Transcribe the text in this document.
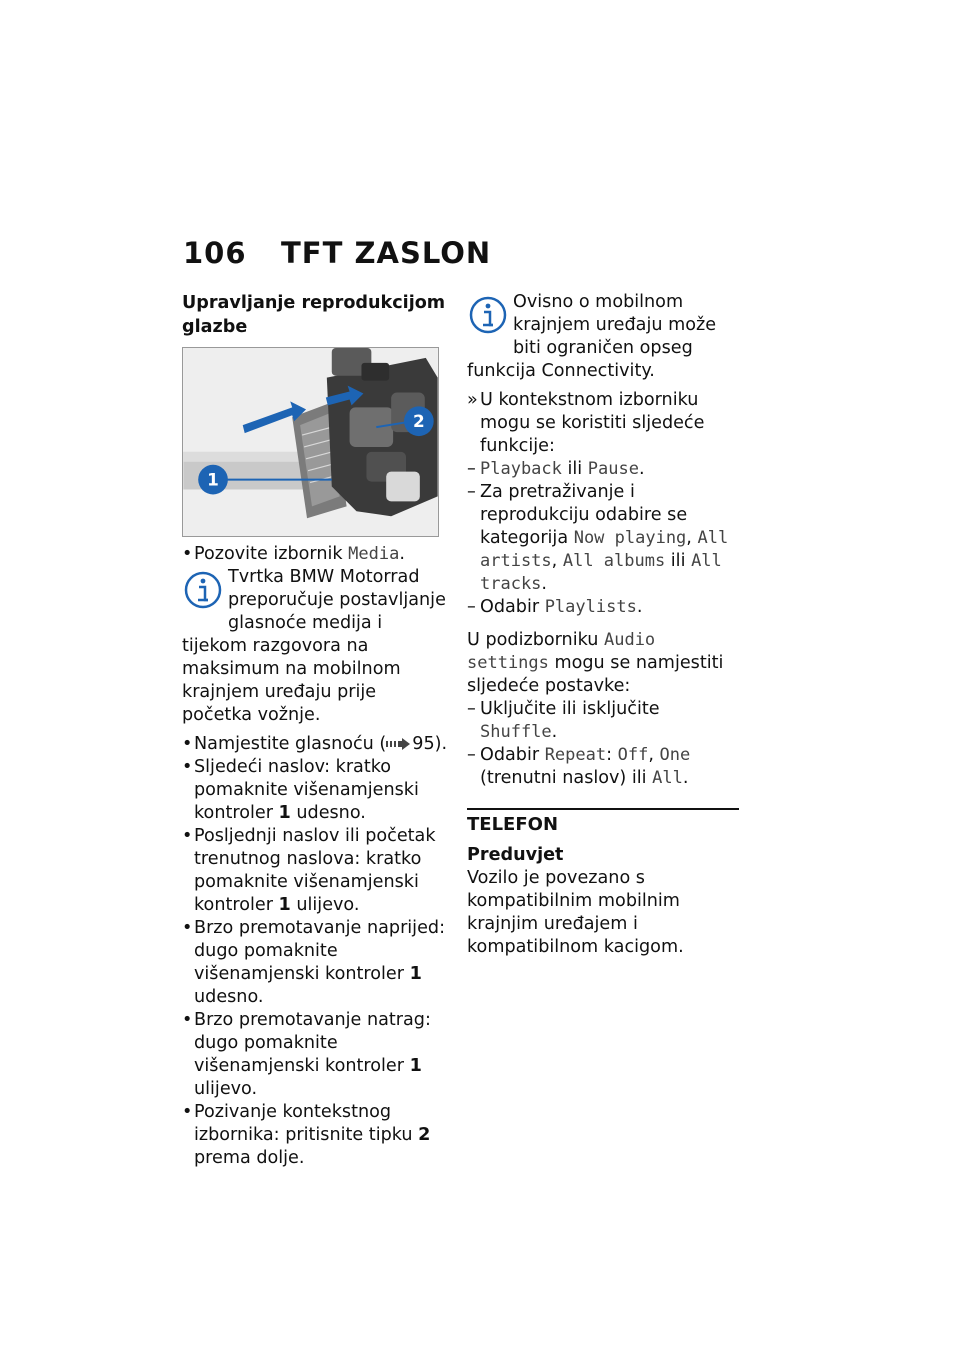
106 TFT ZASLON

Upravljanje reprodukcijom glazbe

1
2

• Pozovite izbornik Media.

Tvrtka BMW Motorrad preporučuje postavljanje glasnoće medija i tijekom razgovora na maksimum na mobilnom krajnjem uređaju prije početka vožnje.

• Namjestite glasnoću ( 95).

• Sljedeći naslov: kratko pomaknite višenamjenski kontroler 1 udesno.

• Posljednji naslov ili početak trenutnog naslova: kratko pomaknite višenamjenski kontroler 1 ulijevo.

• Brzo premotavanje naprijed: dugo pomaknite višenamjenski kontroler 1 udesno.

• Brzo premotavanje natrag: dugo pomaknite višenamjenski kontroler 1 ulijevo.

• Pozivanje kontekstnog izbornika: pritisnite tipku 2 prema dolje.

Ovisno o mobilnom krajnjem uređaju može biti ograničen opseg funkcija Connectivity.

» U kontekstnom izborniku mogu se koristiti sljedeće funkcije:

– Playback ili Pause.

– Za pretraživanje i reprodukciju odabire se kategorija Now playing, All artists, All albums ili All tracks.

– Odabir Playlists.

U podizborniku Audio settings mogu se namjestiti sljedeće postavke:

– Uključite ili isključite Shuffle.

– Odabir Repeat: Off, One (trenutni naslov) ili All.

TELEFON

Preduvjet

Vozilo je povezano s kompatibilnim mobilnim krajnjim uređajem i kompatibilnom kacigom.
